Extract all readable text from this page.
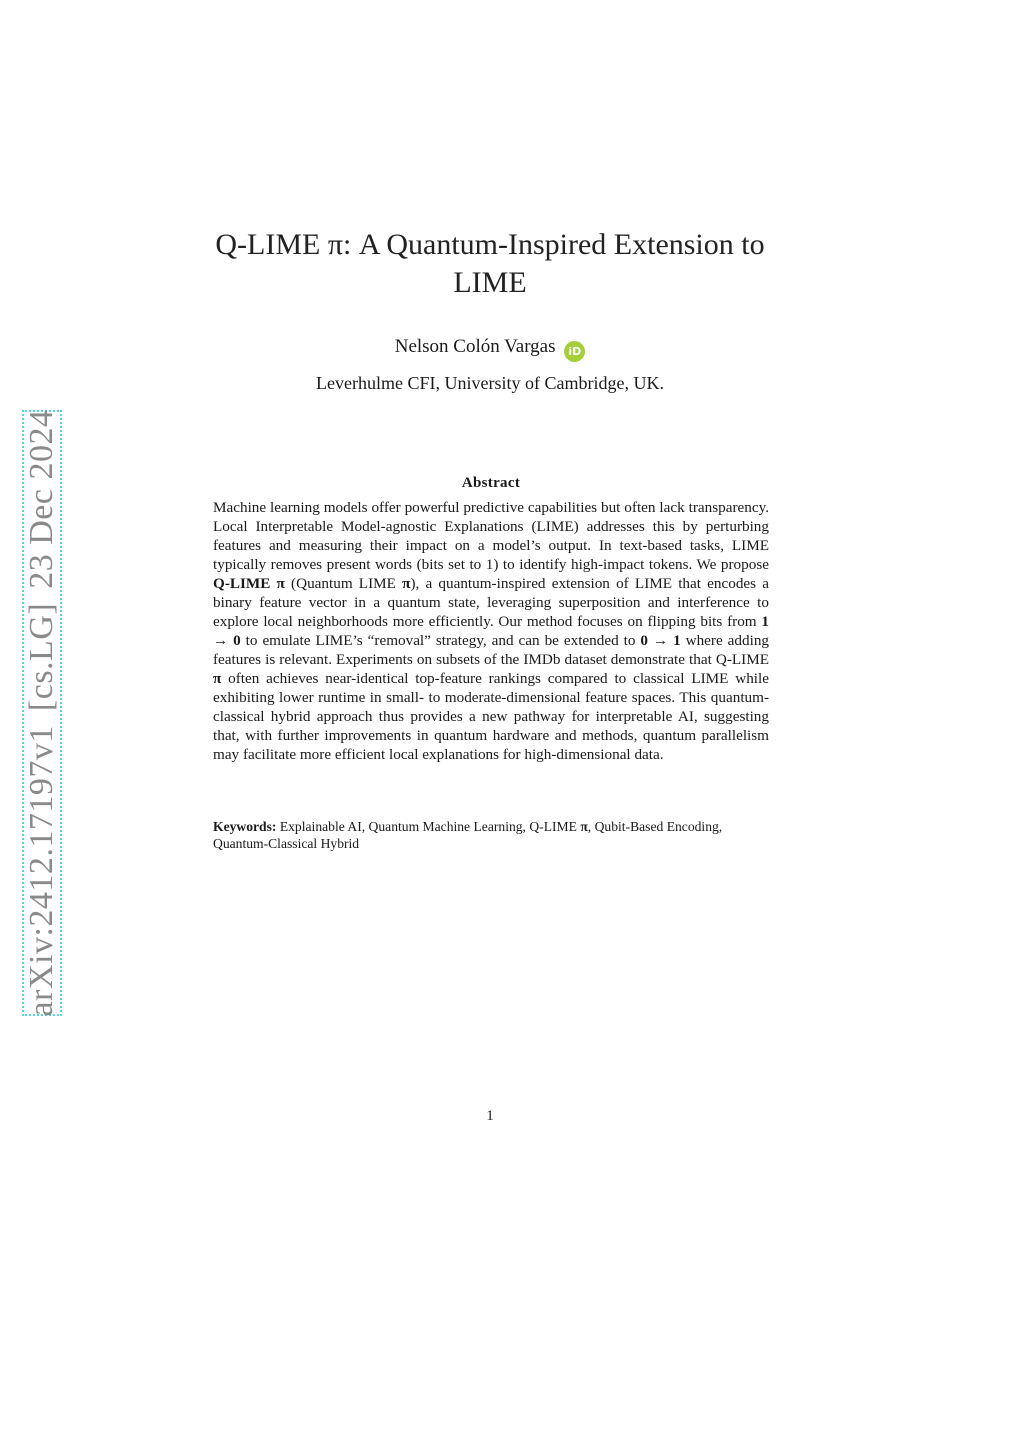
Q-LIME π: A Quantum-Inspired Extension to
LIME
Nelson Colón Vargas iD
Leverhulme CFI, University of Cambridge, UK.
arXiv:2412.17197v1[cs.LG]23 Dec 2024	Abstract

Machine learning models offer powerful predictive capabilities but often lack transparency. Local Interpretable Model-agnostic Explanations (LIME) addresses this by perturbing features and measuring their impact on a model’s output. In text-based tasks, LIME typically removes present words (bits set to 1) to identify high-impact tokens. We propose Q-LIME π (Quantum LIME π), a quantum-inspired extension of LIME that encodes a binary feature vector in a quantum state, leveraging superposition and interference to explore local neighborhoods more efficiently. Our method focuses on flipping bits from 1 → 0 to emulate LIME’s “removal” strategy, and can be extended to 0 → 1 where adding features is relevant. Experiments on subsets of the IMDb dataset demonstrate that Q-LIME π often achieves near-identical top-feature rankings compared to classical LIME while exhibiting lower runtime in small- to moderate-dimensional feature spaces. This quantum-classical hybrid approach thus provides a new pathway for interpretable AI, suggesting that, with further improvements in quantum hardware and methods, quantum parallelism may facilitate more efficient local explanations for high-dimensional data.

Keywords: Explainable AI, Quantum Machine Learning, Q-LIME π, Qubit-Based Encoding, Quantum-Classical Hybrid

1
